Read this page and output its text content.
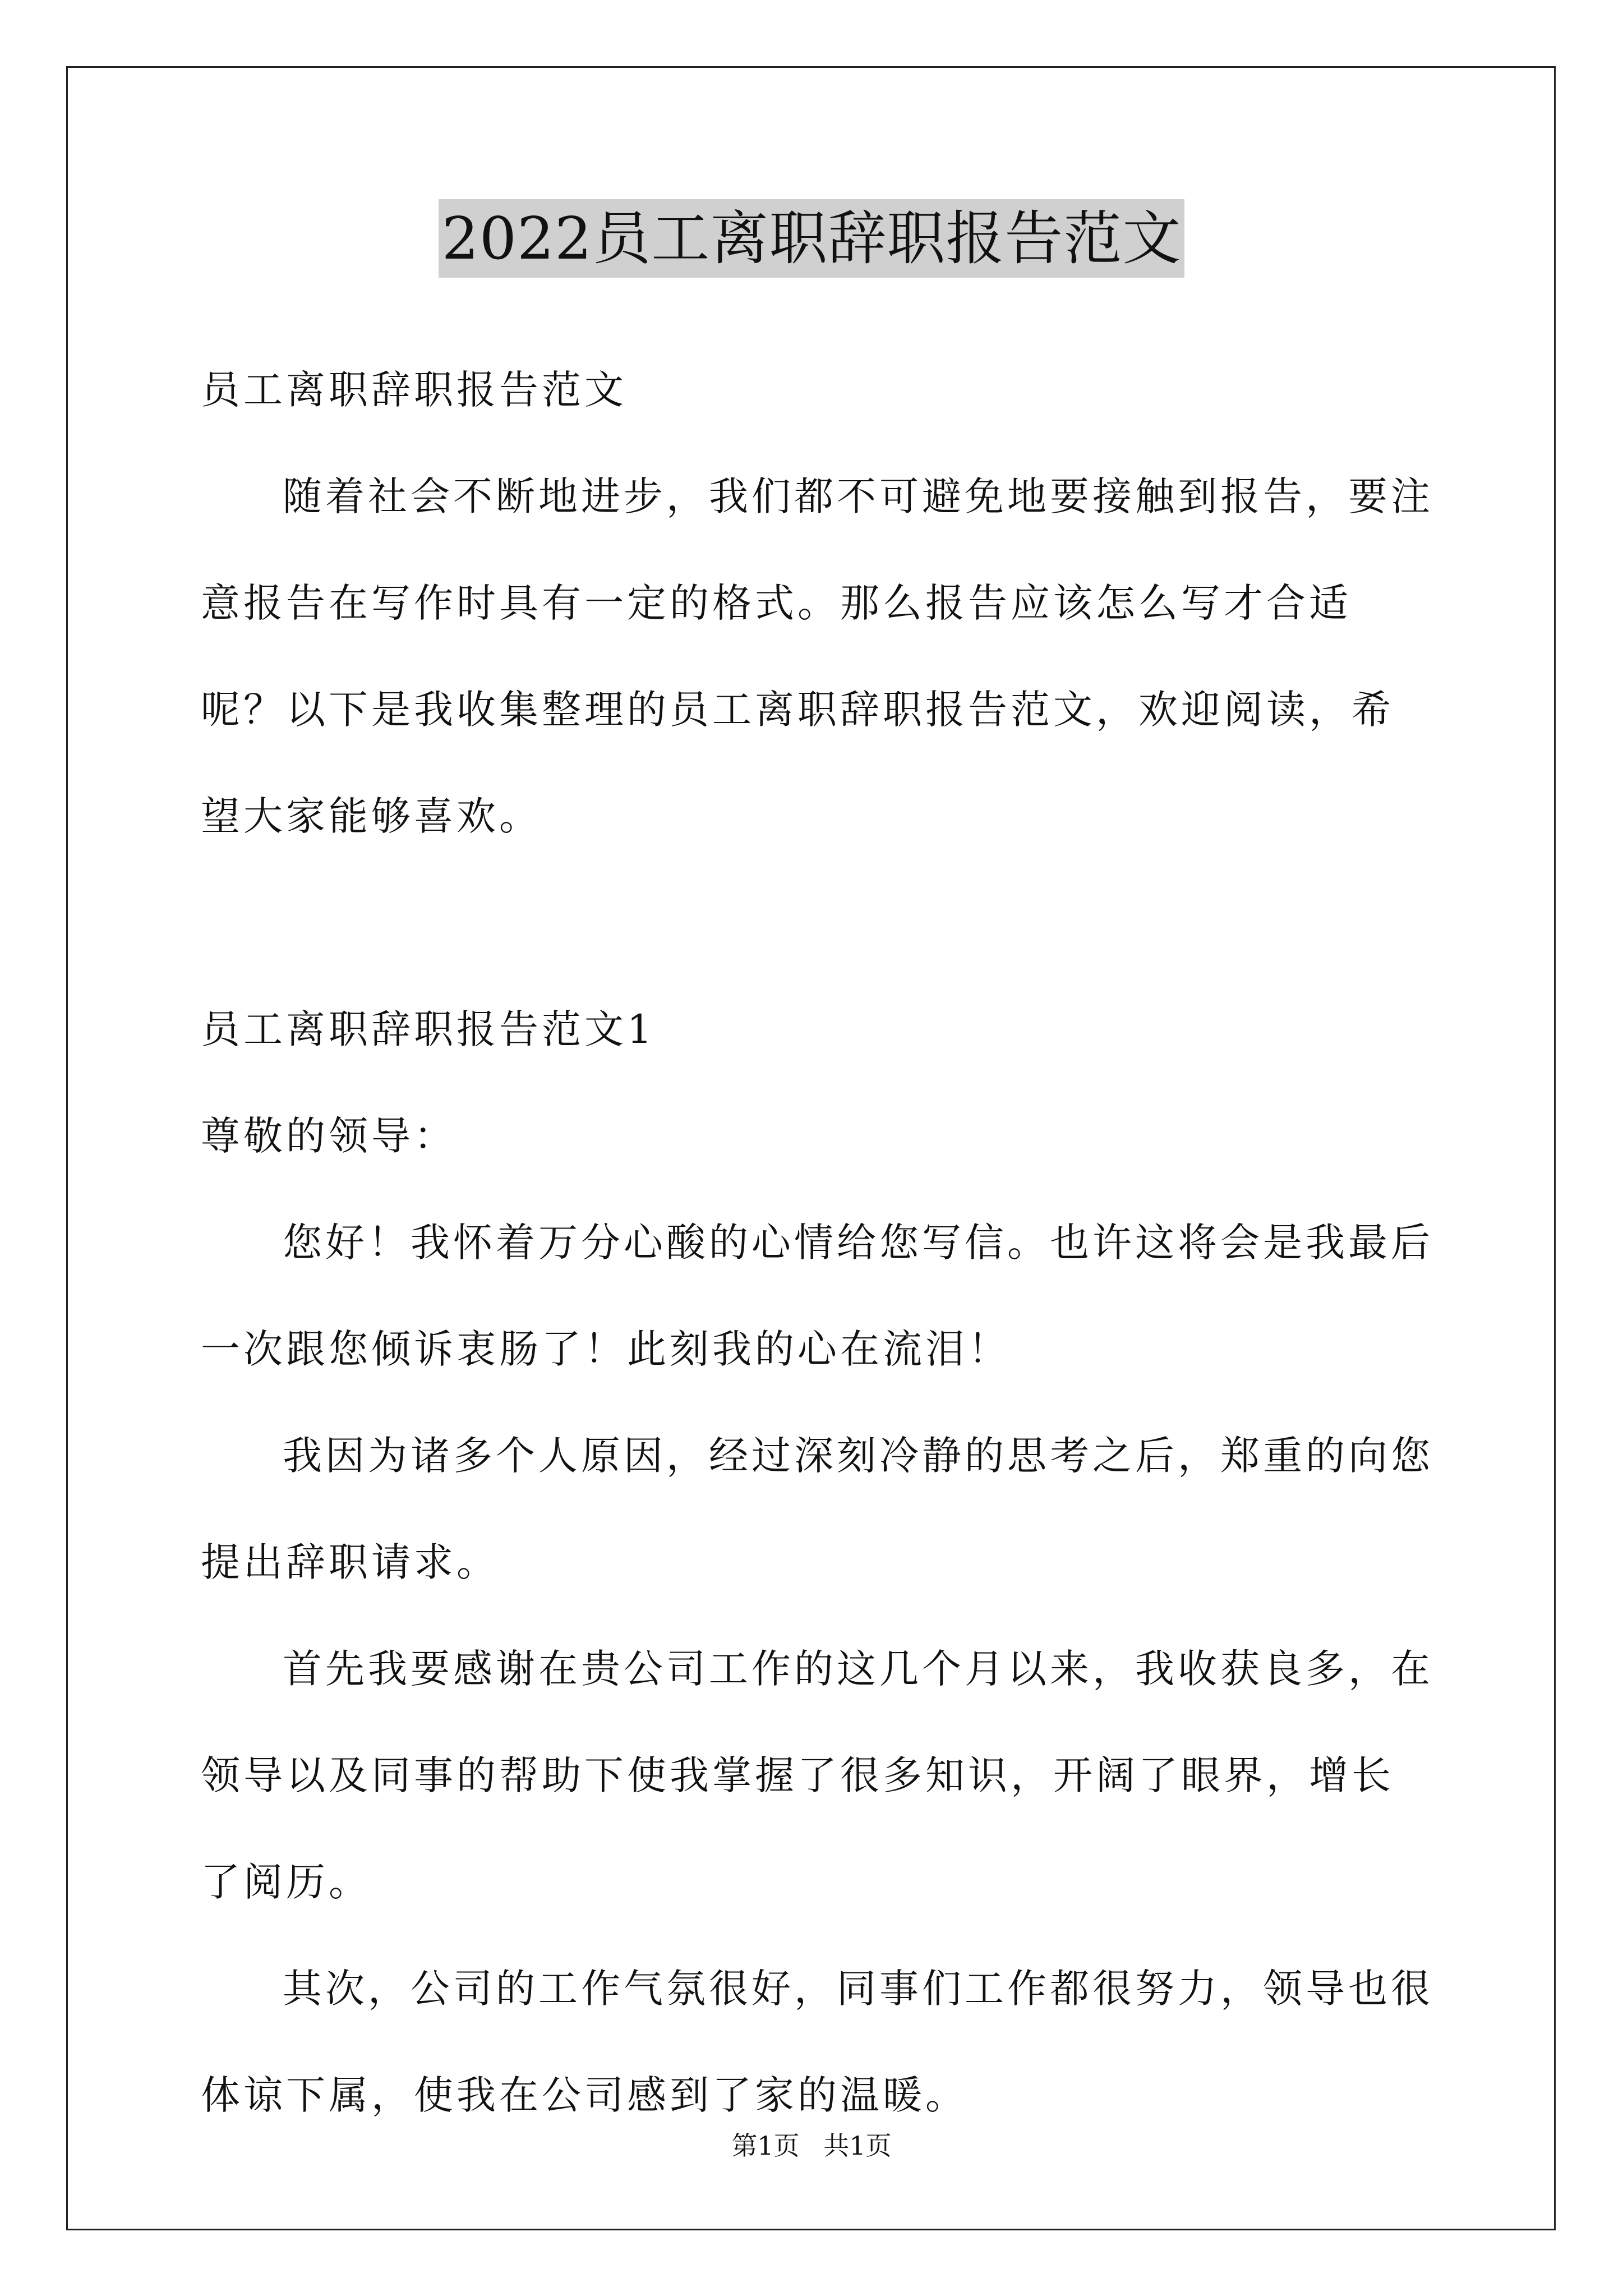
2022员工离职辞职报告范文

员工离职辞职报告范文

随着社会不断地进步，我们都不可避免地要接触到报告，要注意报告在写作时具有一定的格式。那么报告应该怎么写才合适呢？以下是我收集整理的员工离职辞职报告范文，欢迎阅读，希望大家能够喜欢。

员工离职辞职报告范文1

尊敬的领导：

您好！我怀着万分心酸的心情给您写信。也许这将会是我最后一次跟您倾诉衷肠了！此刻我的心在流泪！

我因为诸多个人原因，经过深刻冷静的思考之后，郑重的向您提出辞职请求。

首先我要感谢在贵公司工作的这几个月以来，我收获良多，在领导以及同事的帮助下使我掌握了很多知识，开阔了眼界，增长了阅历。

其次，公司的工作气氛很好，同事们工作都很努力，领导也很体谅下属，使我在公司感到了家的温暖。

第1页 共1页
